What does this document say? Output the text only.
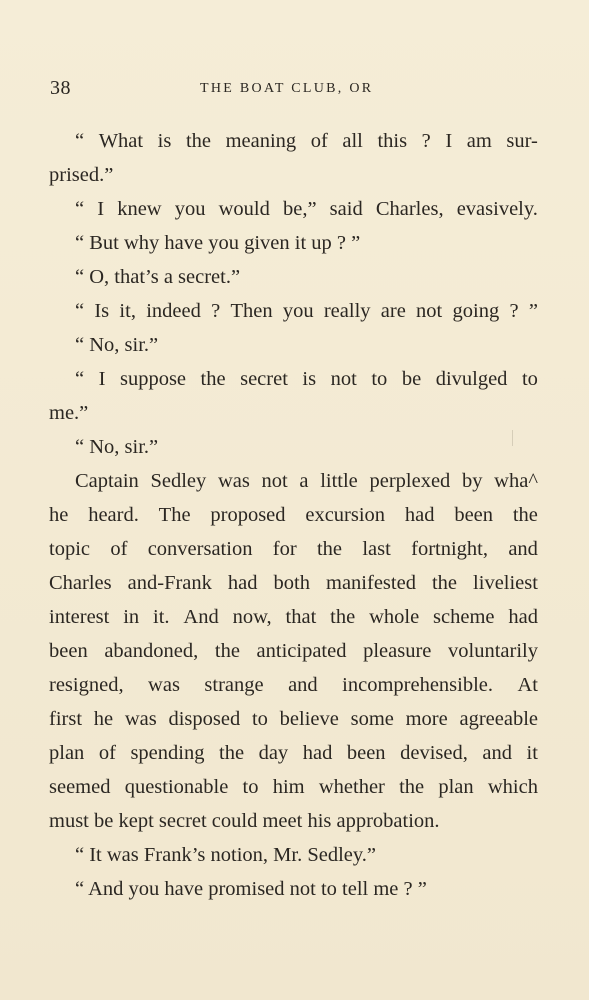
38	THE BOAT CLUB, OR
“ What is the meaning of all this ? I am sur-
prised.”
“ I knew you would be,” said Charles, evasively.
“ But why have you given it up ? ”
“ O, that’s a secret.”
“ Is it, indeed ? Then you really are not going ? ”
“ No, sir.”
“ I suppose the secret is not to be divulged to
me.”
“ No, sir.”
Captain Sedley was not a little perplexed by wha^
he heard. The proposed excursion had been the
topic of conversation for the last fortnight, and
Charles and-Frank had both manifested the liveliest
interest in it. And now, that the whole scheme had
been abandoned, the anticipated pleasure voluntarily
resigned, was strange and incomprehensible. At
first he was disposed to believe some more agreeable
plan of spending the day had been devised, and it
seemed questionable to him whether the plan which
must be kept secret could meet his approbation.
“ It was Frank’s notion, Mr. Sedley.”
“ And you have promised not to tell me ? ”
